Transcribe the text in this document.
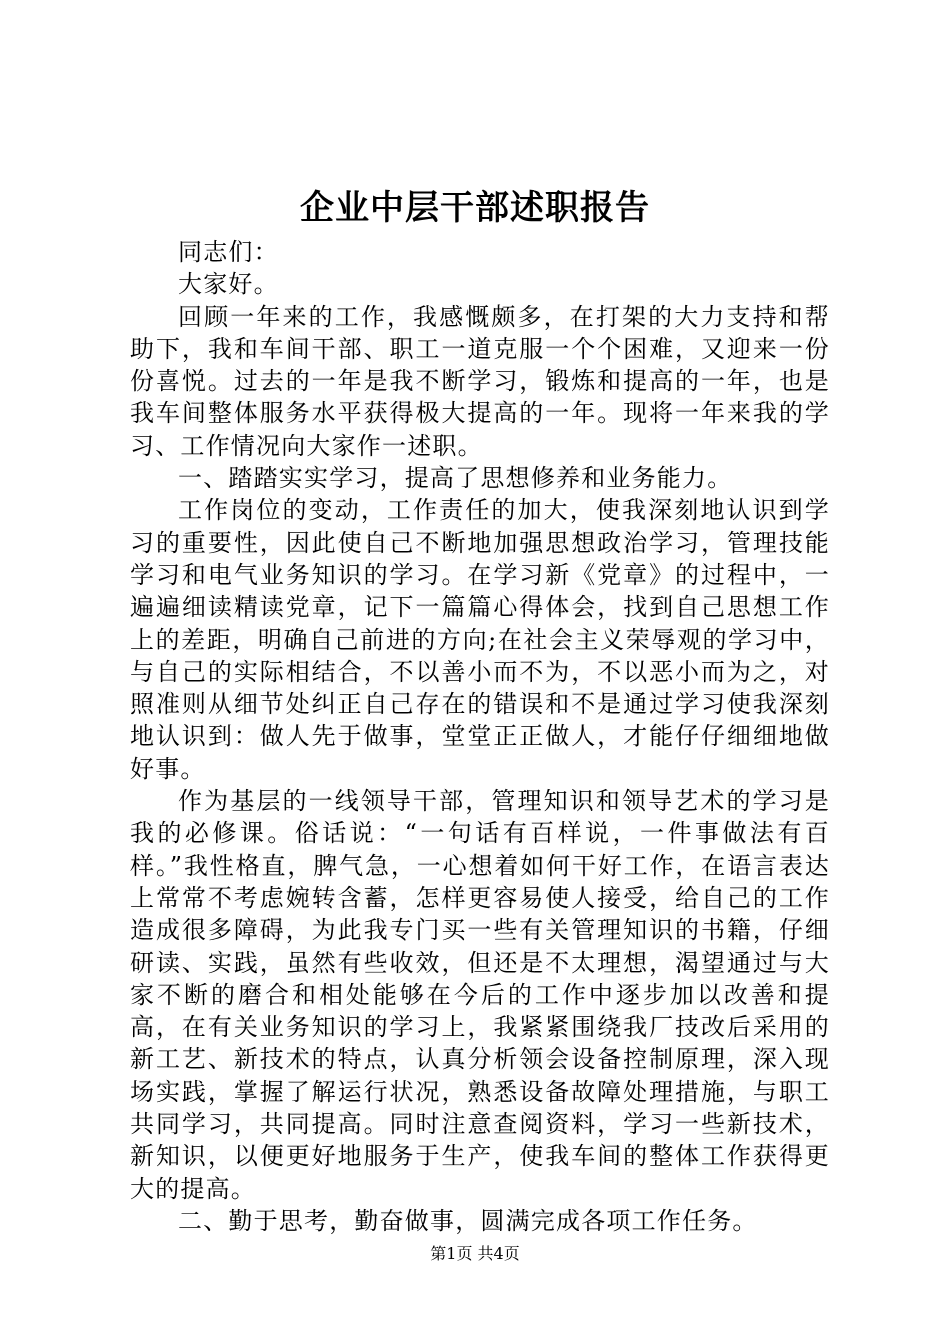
企业中层干部述职报告

同志们：

大家好。

回顾一年来的工作，我感慨颇多，在打架的大力支持和帮助下，我和车间干部、职工一道克服一个个困难，又迎来一份份喜悦。过去的一年是我不断学习，锻炼和提高的一年，也是我车间整体服务水平获得极大提高的一年。现将一年来我的学习、工作情况向大家作一述职。

一、踏踏实实学习，提高了思想修养和业务能力。

工作岗位的变动，工作责任的加大，使我深刻地认识到学习的重要性，因此使自己不断地加强思想政治学习，管理技能学习和电气业务知识的学习。在学习新《党章》的过程中，一遍遍细读精读党章，记下一篇篇心得体会，找到自己思想工作上的差距，明确自己前进的方向;在社会主义荣辱观的学习中，与自己的实际相结合，不以善小而不为，不以恶小而为之，对照准则从细节处纠正自己存在的错误和不是通过学习使我深刻地认识到：做人先于做事，堂堂正正做人，才能仔仔细细地做好事。

作为基层的一线领导干部，管理知识和领导艺术的学习是我的必修课。俗话说：“一句话有百样说，一件事做法有百样。”我性格直，脾气急，一心想着如何干好工作，在语言表达上常常不考虑婉转含蓄，怎样更容易使人接受，给自己的工作造成很多障碍，为此我专门买一些有关管理知识的书籍，仔细研读、实践，虽然有些收效，但还是不太理想，渴望通过与大家不断的磨合和相处能够在今后的工作中逐步加以改善和提高，在有关业务知识的学习上，我紧紧围绕我厂技改后采用的新工艺、新技术的特点，认真分析领会设备控制原理，深入现场实践，掌握了解运行状况，熟悉设备故障处理措施，与职工共同学习，共同提高。同时注意查阅资料，学习一些新技术，新知识，以便更好地服务于生产，使我车间的整体工作获得更大的提高。

二、勤于思考，勤奋做事，圆满完成各项工作任务。

第1页 共4页
